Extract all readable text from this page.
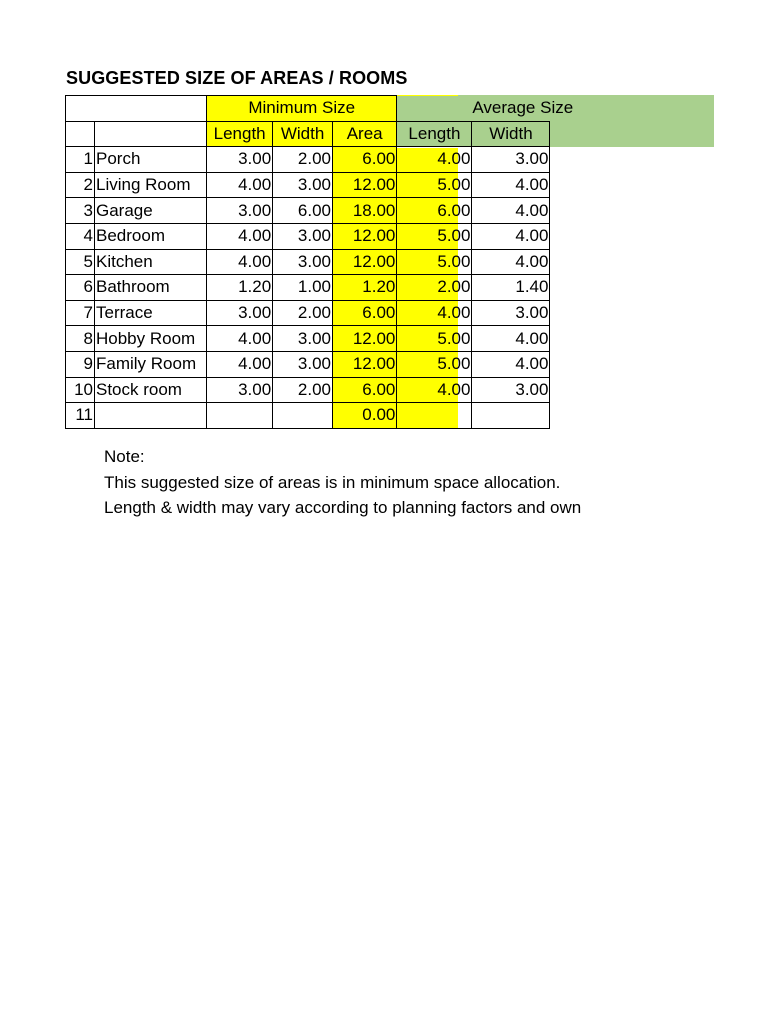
SUGGESTED SIZE OF AREAS / ROOMS
		Minimum Size			Average Size		
		Length	Width	Area	Length	Width	
1	Porch	3.00	2.00	6.00	4.00	3.00	
2	Living Room	4.00	3.00	12.00	5.00	4.00	
3	Garage	3.00	6.00	18.00	6.00	4.00	
4	Bedroom	4.00	3.00	12.00	5.00	4.00	
5	Kitchen	4.00	3.00	12.00	5.00	4.00	
6	Bathroom	1.20	1.00	1.20	2.00	1.40	
7	Terrace	3.00	2.00	6.00	4.00	3.00	
8	Hobby Room	4.00	3.00	12.00	5.00	4.00	
9	Family Room	4.00	3.00	12.00	5.00	4.00	
10	Stock room	3.00	2.00	6.00	4.00	3.00	
11				0.00			
Note:
This suggested size of areas is in minimum space allocation.
Length & width may vary according to planning factors and own
